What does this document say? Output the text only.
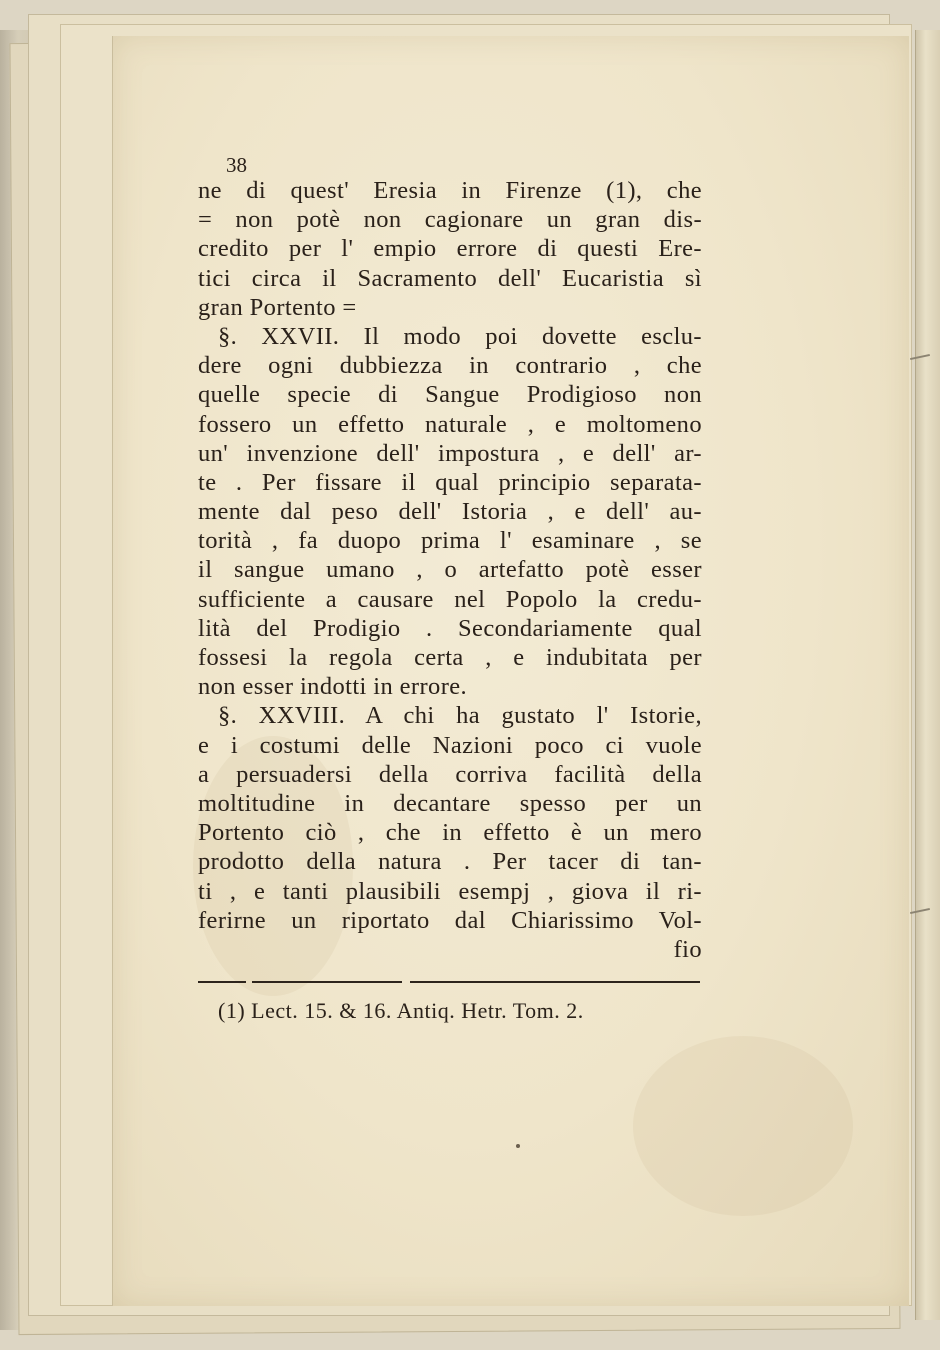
38
ne di quest' Eresia in Firenze (1), che
= non potè non cagionare un gran dis-
credito per l' empio errore di questi Ere-
tici circa il Sacramento dell' Eucaristia sì
gran Portento =
§. XXVII. Il modo poi dovette esclu-
dere ogni dubbiezza in contrario , che
quelle specie di Sangue Prodigioso non
fossero un effetto naturale , e moltomeno
un' invenzione dell' impostura , e dell' ar-
te . Per fissare il qual principio separata-
mente dal peso dell' Istoria , e dell' au-
torità , fa duopo prima l' esaminare , se
il sangue umano , o artefatto potè esser
sufficiente a causare nel Popolo la credu-
lità del Prodigio . Secondariamente qual
fossesi la regola certa , e indubitata per
non esser indotti in errore.
§. XXVIII. A chi ha gustato l' Istorie,
e i costumi delle Nazioni poco ci vuole
a persuadersi della corriva facilità della
moltitudine in decantare spesso per un
Portento ciò , che in effetto è un mero
prodotto della natura . Per tacer di tan-
ti , e tanti plausibili esempj , giova il ri-
ferirne un riportato dal Chiarissimo Vol-
fio
(1) Lect. 15. & 16. Antiq. Hetr. Tom. 2.
